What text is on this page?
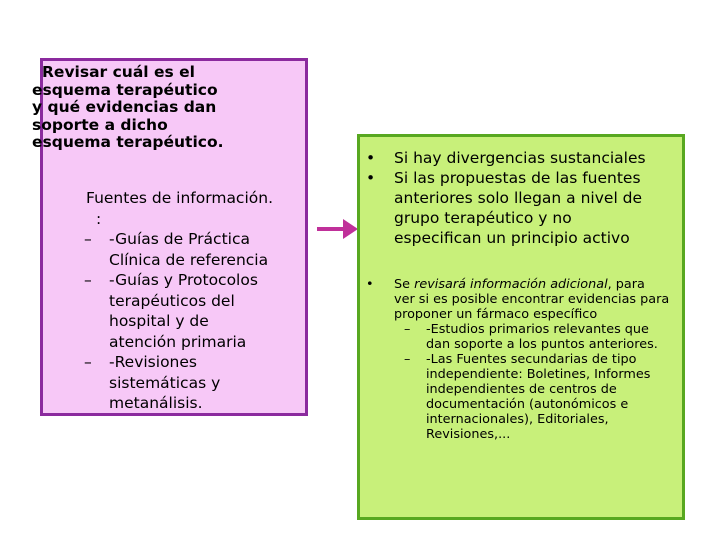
Revisar cuál es el
esquema terapéutico
y qué evidencias dan
soporte a dicho
esquema terapéutico.
Fuentes de información.
:
– -Guías de Práctica
Clínica de referencia
– -Guías y Protocolos
terapéuticos del
hospital y de
atención primaria
– -Revisiones
sistemáticas y
metanálisis.
• Si hay divergencias sustanciales
• Si las propuestas de las fuentes
anteriores solo llegan a nivel de
grupo terapéutico y no
especifican un principio activo
• Se revisará información adicional, para
ver si es posible encontrar evidencias para
proponer un fármaco específico
– -Estudios primarios relevantes que
dan soporte a los puntos anteriores.
– -Las Fuentes secundarias de tipo
independiente: Boletines, Informes
independientes de centros de
documentación (autonómicos e
internacionales), Editoriales,
Revisiones,...
